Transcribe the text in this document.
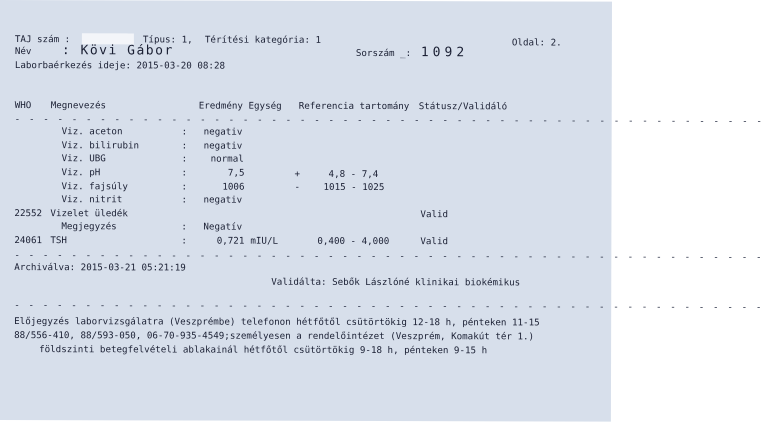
TAJ szám :	Típus: 1, Térítési kategória: 1	Oldal: 2.
Név : Kövi Gábor	Sorszám _: 1092
Laborbaérkezés ideje: 2015-03-20 08:28
WHO Megnevezés	Eredmény Egység Referencia tartomány Státusz/Validáló
- - - - - - - - - - - - - - - - - - - - - - - - - - - - - - - - - - - - - - - - - - - - - - - - - - - - -
Viz. aceton	: negativ
Viz. bilirubin	: negativ
Viz. UBG	:	normal
Viz. pH	:	7,5	+	4,8 - 7,4
Viz. fajsúly	:	1006	-	1015 - 1025
Viz. nitrit	: negativ
22552 Vizelet üledék	Valid
Megjegyzés	: Negatív
24061 TSH	:	0,721 mIU/L	0,400 - 4,000	Valid
- - - - - - - - - - - - - - - - - - - - - - - - - - - - - - - - - - - - - - - - - - - - - - - - - - - - -
Archiválva: 2015-03-21 05:21:19
Validálta: Sebők Lászlóné klinikai biokémikus
- - - - - - - - - - - - - - - - - - - - - - - - - - - - - - - - - - - - - - - - - - - - - - - - - - - - -
Előjegyzés laborvizsgálatra (Veszprémbe) telefonon hétfőtől csütörtökig 12-18 h, pénteken 11-15
88/556-410, 88/593-050, 06-70-935-4549;személyesen a rendelőintézet (Veszprém, Komakút tér 1.)
földszinti betegfelvételi ablakainál hétfőtől csütörtökig 9-18 h, pénteken 9-15 h
